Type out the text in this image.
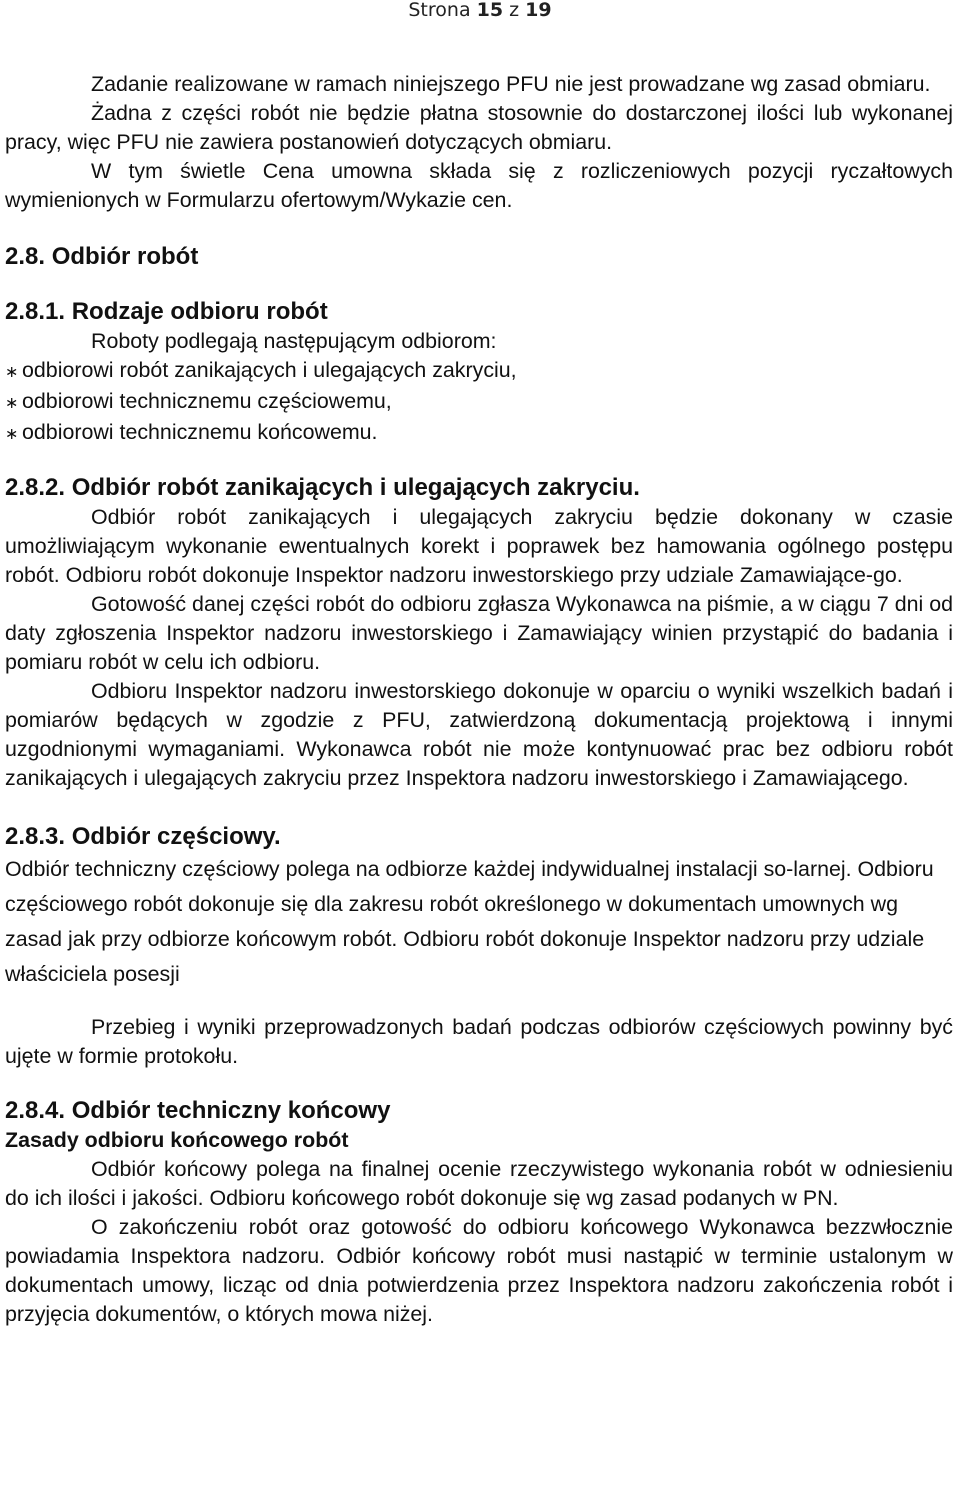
Strona 15 z 19

Zadanie realizowane w ramach niniejszego PFU nie jest prowadzane wg zasad obmiaru.

Żadna z części robót nie będzie płatna stosownie do dostarczonej ilości lub wykonanej pracy, więc PFU nie zawiera postanowień dotyczących obmiaru.

W tym świetle Cena umowna składa się z rozliczeniowych pozycji ryczałtowych wymienionych w Formularzu ofertowym/Wykazie cen.

2.8. Odbiór robót

2.8.1. Rodzaje odbioru robót

Roboty podlegają następującym odbiorom:

∗ odbiorowi robót zanikających i ulegających zakryciu,
∗ odbiorowi technicznemu częściowemu,
∗ odbiorowi technicznemu końcowemu.

2.8.2. Odbiór robót zanikających i ulegających zakryciu.

Odbiór robót zanikających i ulegających zakryciu będzie dokonany w czasie umożliwiającym wykonanie ewentualnych korekt i poprawek bez hamowania ogólnego postępu robót. Odbioru robót dokonuje Inspektor nadzoru inwestorskiego przy udziale Zamawiające-go.

Gotowość danej części robót do odbioru zgłasza Wykonawca na piśmie, a w ciągu 7 dni od daty zgłoszenia Inspektor nadzoru inwestorskiego i Zamawiający winien przystąpić do badania i pomiaru robót w celu ich odbioru.

Odbioru Inspektor nadzoru inwestorskiego dokonuje w oparciu o wyniki wszelkich badań i pomiarów będących w zgodzie z PFU, zatwierdzoną dokumentacją projektową i innymi uzgodnionymi wymaganiami. Wykonawca robót nie może kontynuować prac bez odbioru robót zanikających i ulegających zakryciu przez Inspektora nadzoru inwestorskiego i Zamawiającego.

2.8.3. Odbiór częściowy.

Odbiór techniczny częściowy polega na odbiorze każdej indywidualnej instalacji so-larnej. Odbioru częściowego robót dokonuje się dla zakresu robót określonego w dokumentach umownych wg zasad jak przy odbiorze końcowym robót. Odbioru robót dokonuje Inspektor nadzoru przy udziale właściciela posesji

Przebieg i wyniki przeprowadzonych badań podczas odbiorów częściowych powinny być ujęte w formie protokołu.

2.8.4. Odbiór techniczny końcowy

Zasady odbioru końcowego robót

Odbiór końcowy polega na finalnej ocenie rzeczywistego wykonania robót w odniesieniu do ich ilości i jakości. Odbioru końcowego robót dokonuje się wg zasad podanych w PN.

O zakończeniu robót oraz gotowość do odbioru końcowego Wykonawca bezzwłocznie powiadamia Inspektora nadzoru. Odbiór końcowy robót musi nastąpić w terminie ustalonym w dokumentach umowy, licząc od dnia potwierdzenia przez Inspektora nadzoru zakończenia robót i przyjęcia dokumentów, o których mowa niżej.
